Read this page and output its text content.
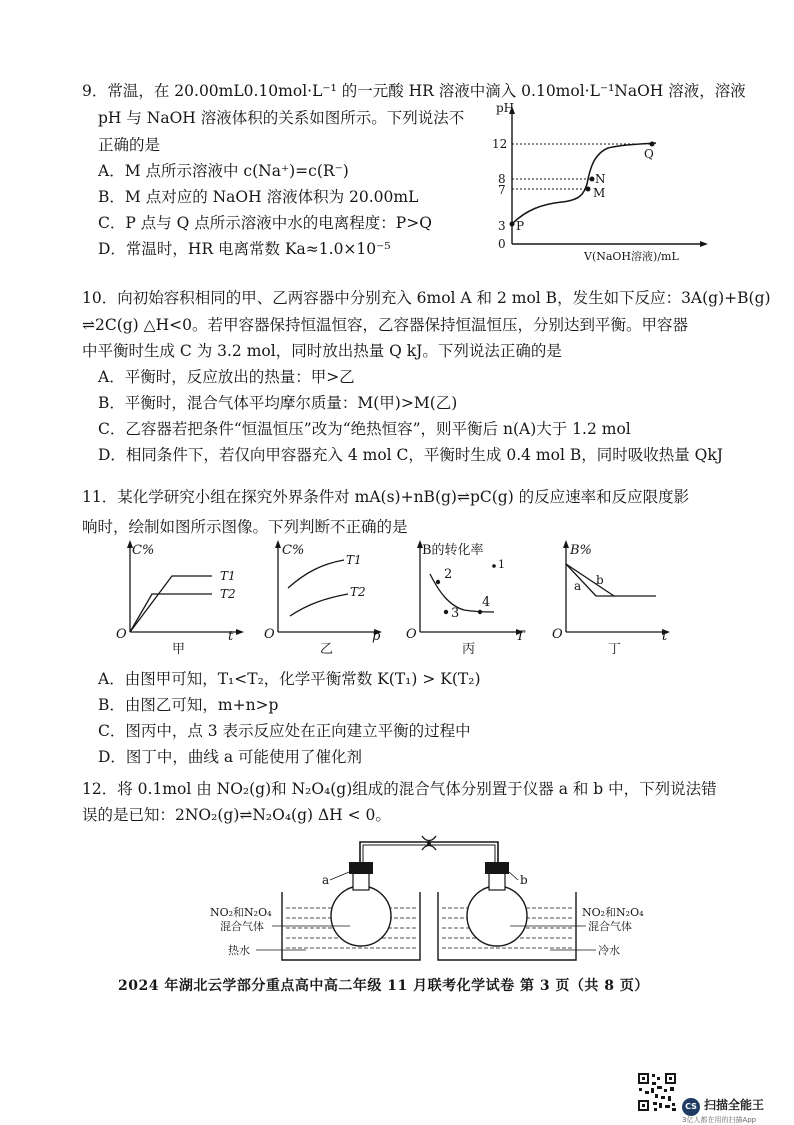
9．常温，在 20.00mL0.10mol·L⁻¹ 的一元酸 HR 溶液中滴入 0.10mol·L⁻¹NaOH 溶液，溶液
pH 与 NaOH 溶液体积的关系如图所示。下列说法不
正确的是
A．M 点所示溶液中 c(Na⁺)=c(R⁻)
B．M 点对应的 NaOH 溶液体积为 20.00mL
C．P 点与 Q 点所示溶液中水的电离程度：P>Q
D．常温时，HR 电离常数 Ka≈1.0×10⁻⁵
pH
0
12
8
7
3
Q
N
M
P
V(NaOH溶液)/mL
10．向初始容积相同的甲、乙两容器中分别充入 6mol A 和 2 mol B，发生如下反应：3A(g)+B(g)
⇌2C(g) △H<0。若甲容器保持恒温恒容，乙容器保持恒温恒压，分别达到平衡。甲容器
中平衡时生成 C 为 3.2 mol，同时放出热量 Q kJ。下列说法正确的是
A．平衡时，反应放出的热量：甲>乙
B．平衡时，混合气体平均摩尔质量：M(甲)>M(乙)
C．乙容器若把条件“恒温恒压”改为“绝热恒容”，则平衡后 n(A)大于 1.2 mol
D．相同条件下，若仅向甲容器充入 4 mol C，平衡时生成 0.4 mol B，同时吸收热量 QkJ
11．某化学研究小组在探究外界条件对 mA(s)+nB(g)⇌pC(g) 的反应速率和反应限度影
响时，绘制如图所示图像。下列判断不正确的是
C%
O	t
T1
T2
甲
C%
O	p
T1
T2
乙
B的转化率
O	T
1
2
3
4
丙
B%
O	t
a b
丁
A．由图甲可知，T₁<T₂，化学平衡常数 K(T₁) > K(T₂)
B．由图乙可知，m+n>p
C．图丙中，点 3 表示反应处在正向建立平衡的过程中
D．图丁中，曲线 a 可能使用了催化剂
12．将 0.1mol 由 NO₂(g)和 N₂O₄(g)组成的混合气体分别置于仪器 a 和 b 中，下列说法错
误的是已知：2NO₂(g)⇌N₂O₄(g) ΔH < 0。
a	b
NO₂和N₂O₄
混合气体
热水
NO₂和N₂O₄
混合气体
冷水
2024 年湖北云学部分重点高中高二年级 11 月联考化学试卷 第 3 页（共 8 页）
CS 扫描全能王
3亿人都在用的扫描App
